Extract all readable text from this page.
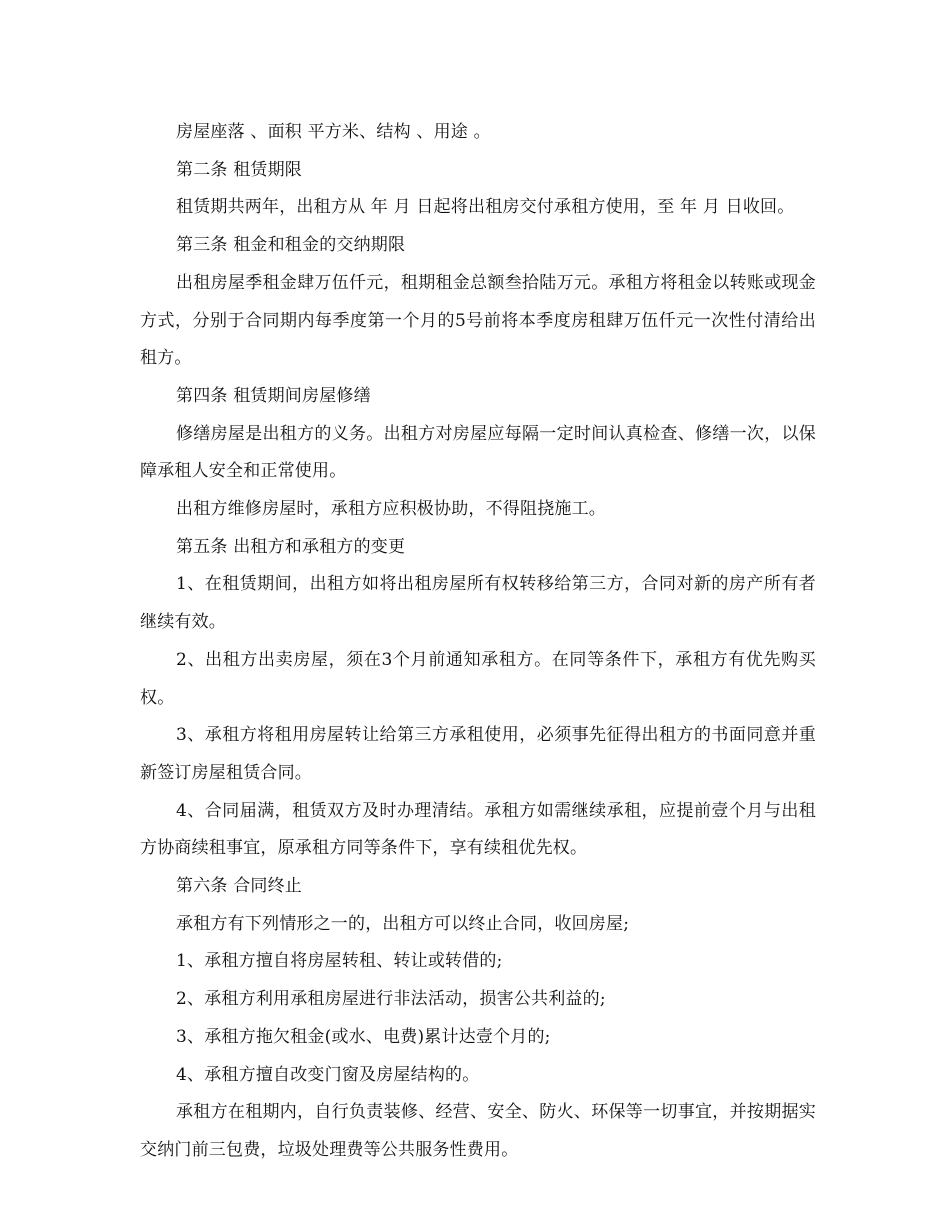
房屋座落 、面积 平方米、结构 、用途 。

第二条 租赁期限

租赁期共两年，出租方从 年 月 日起将出租房交付承租方使用，至 年 月 日收回。

第三条 租金和租金的交纳期限

出租房屋季租金肆万伍仟元，租期租金总额叁拾陆万元。承租方将租金以转账或现金方式，分别于合同期内每季度第一个月的5号前将本季度房租肆万伍仟元一次性付清给出租方。

第四条 租赁期间房屋修缮

修缮房屋是出租方的义务。出租方对房屋应每隔一定时间认真检查、修缮一次，以保障承租人安全和正常使用。

出租方维修房屋时，承租方应积极协助，不得阻挠施工。

第五条 出租方和承租方的变更

1、在租赁期间，出租方如将出租房屋所有权转移给第三方，合同对新的房产所有者继续有效。

2、出租方出卖房屋，须在3个月前通知承租方。在同等条件下，承租方有优先购买权。

3、承租方将租用房屋转让给第三方承租使用，必须事先征得出租方的书面同意并重新签订房屋租赁合同。

4、合同届满，租赁双方及时办理清结。承租方如需继续承租，应提前壹个月与出租方协商续租事宜，原承租方同等条件下，享有续租优先权。

第六条 合同终止

承租方有下列情形之一的，出租方可以终止合同，收回房屋;

1、承租方擅自将房屋转租、转让或转借的;

2、承租方利用承租房屋进行非法活动，损害公共利益的;

3、承租方拖欠租金(或水、电费)累计达壹个月的;

4、承租方擅自改变门窗及房屋结构的。

承租方在租期内，自行负责装修、经营、安全、防火、环保等一切事宜，并按期据实交纳门前三包费，垃圾处理费等公共服务性费用。
